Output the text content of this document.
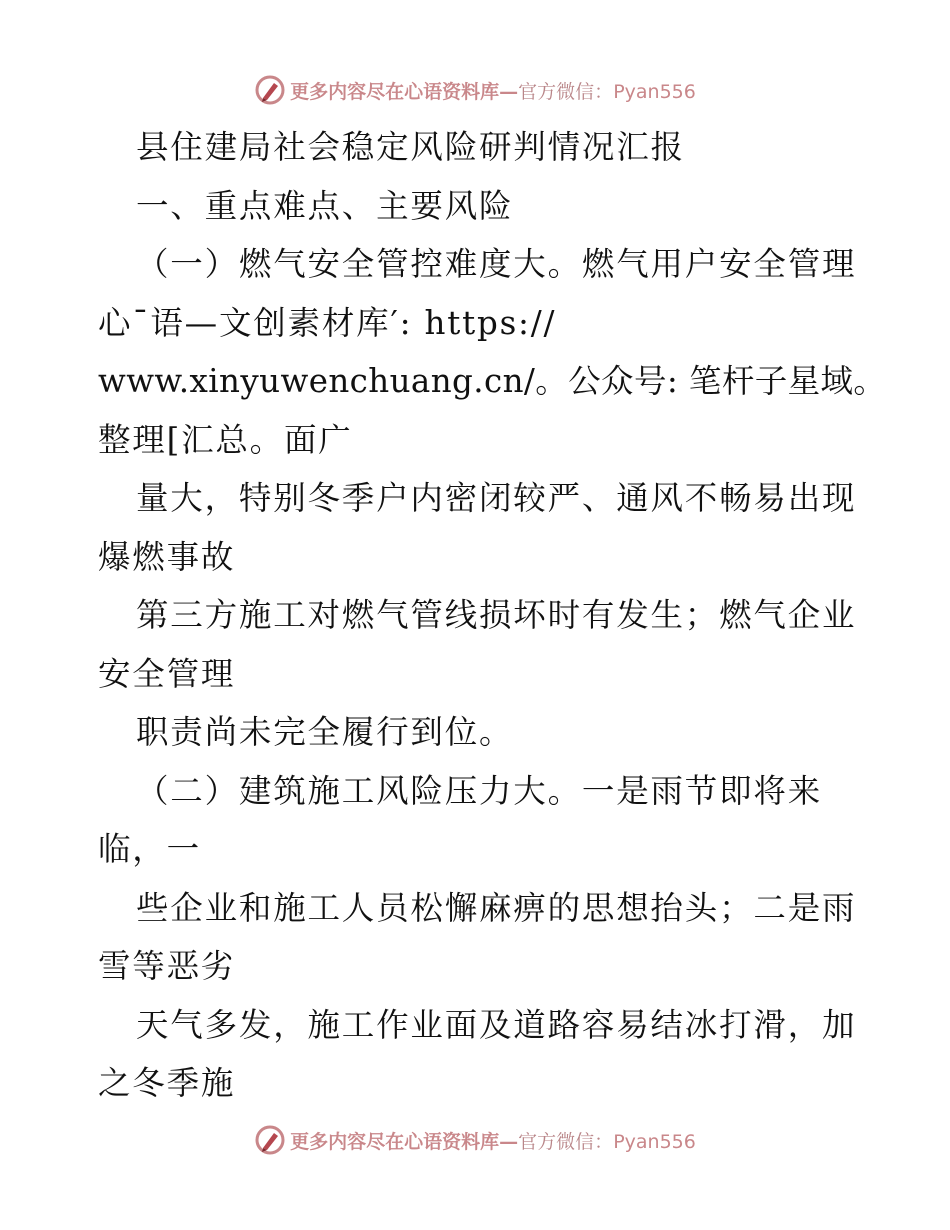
更多内容尽在心语资料库—官方微信：Pyan556
县住建局社会稳定风险研判情况汇报
一、重点难点、主要风险
（一）燃气安全管控难度大。燃气用户安全管理
心¯语—文创素材库′: https://
www.xinyuwenchuang.cn/。公众号: 笔杆子星域。
整理[汇总。面广
量大，特别冬季户内密闭较严、通风不畅易出现
爆燃事故
第三方施工对燃气管线损坏时有发生；燃气企业
安全管理
职责尚未完全履行到位。
（二）建筑施工风险压力大。一是雨节即将来
临，一
些企业和施工人员松懈麻痹的思想抬头；二是雨
雪等恶劣
天气多发，施工作业面及道路容易结冰打滑，加
之冬季施
更多内容尽在心语资料库—官方微信：Pyan556
